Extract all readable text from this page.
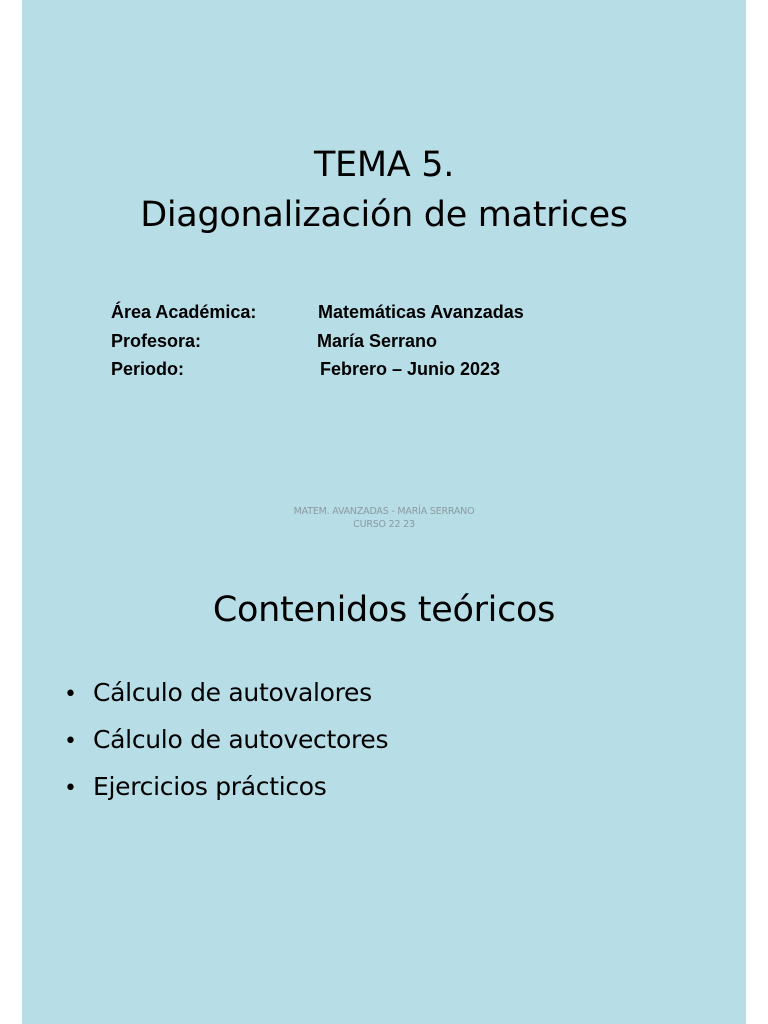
TEMA 5.
Diagonalización de matrices
Área Académica:	Matemáticas Avanzadas
Profesora:	María Serrano
Periodo:	Febrero – Junio 2023
MATEM. AVANZADAS - MARÍA SERRANO
CURSO 22 23
Contenidos teóricos
• Cálculo de autovalores
• Cálculo de autovectores
• Ejercicios prácticos
